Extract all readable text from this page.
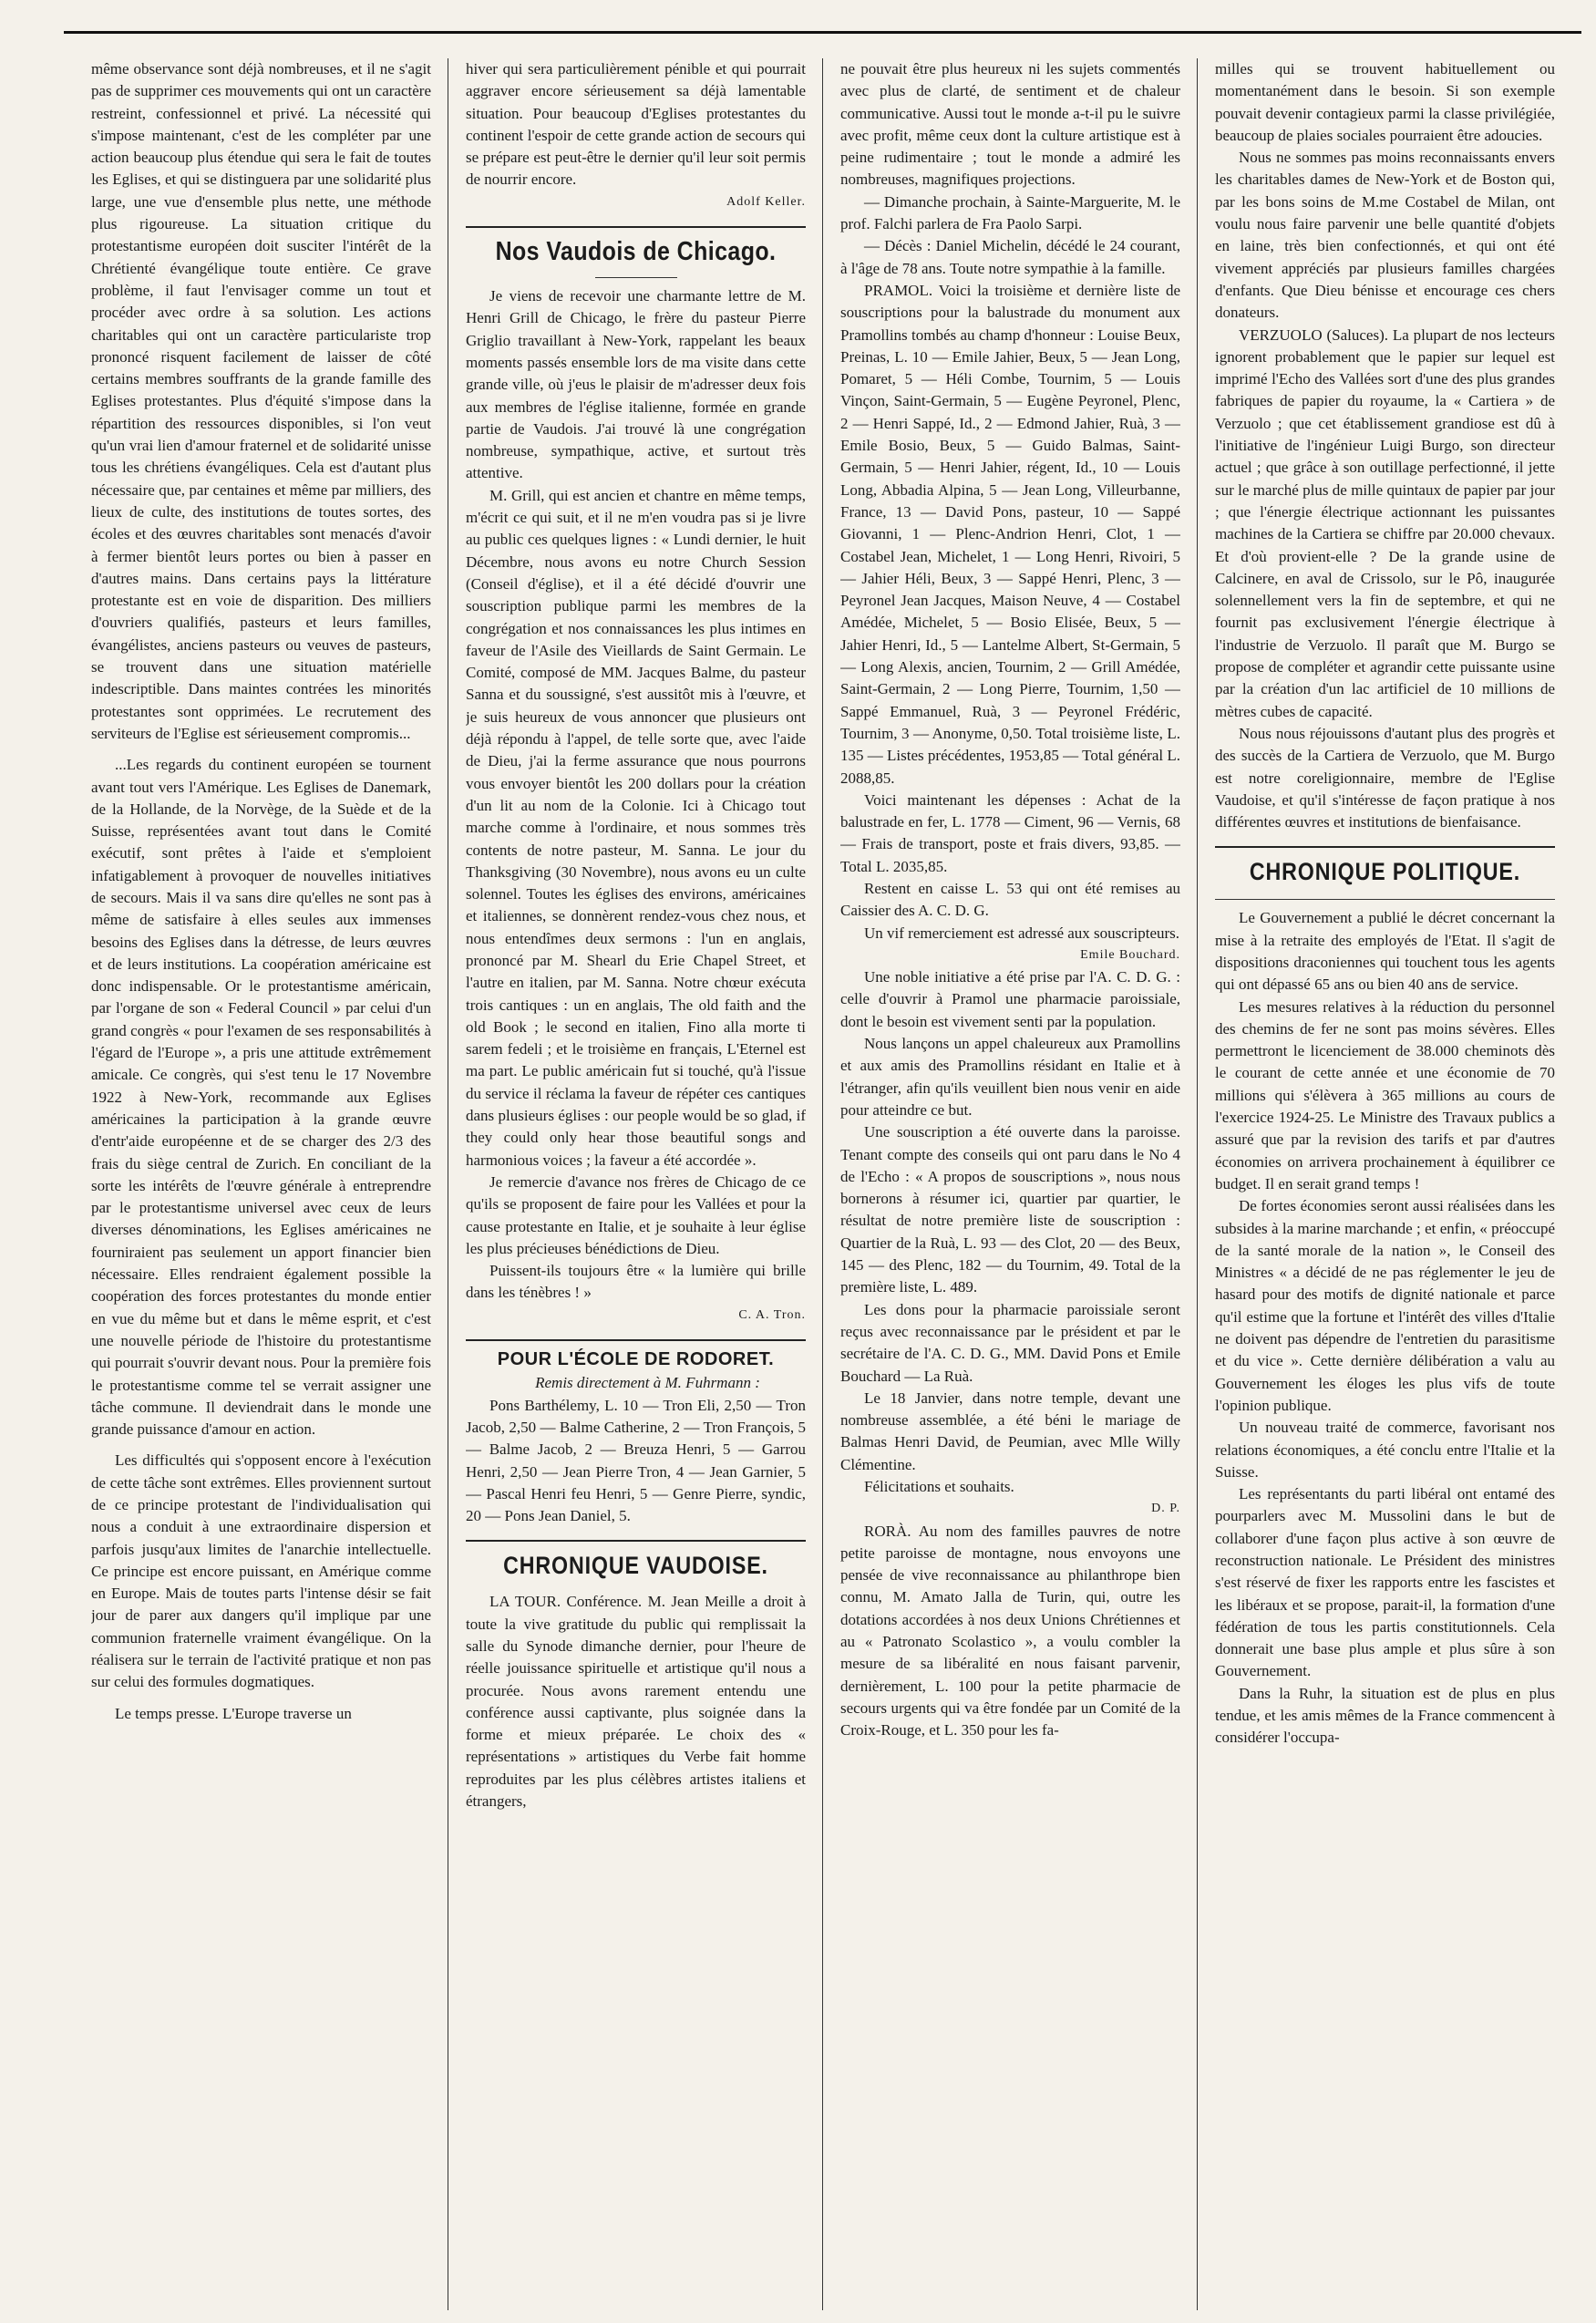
même observance sont déjà nombreuses, et il ne s'agit pas de supprimer ces mouvements qui ont un caractère restreint, confessionnel et privé. La nécessité qui s'impose maintenant, c'est de les compléter par une action beaucoup plus étendue qui sera le fait de toutes les Eglises, et qui se distinguera par une solidarité plus large, une vue d'ensemble plus nette, une méthode plus rigoureuse. La situation critique du protestantisme européen doit susciter l'intérêt de la Chrétienté évangélique toute entière. Ce grave problème, il faut l'envisager comme un tout et procéder avec ordre à sa solution. Les actions charitables qui ont un caractère particulariste trop prononcé risquent facilement de laisser de côté certains membres souffrants de la grande famille des Eglises protestantes. Plus d'équité s'impose dans la répartition des ressources disponibles, si l'on veut qu'un vrai lien d'amour fraternel et de solidarité unisse tous les chrétiens évangéliques. Cela est d'autant plus nécessaire que, par centaines et même par milliers, des lieux de culte, des institutions de toutes sortes, des écoles et des œuvres charitables sont menacés d'avoir à fermer bientôt leurs portes ou bien à passer en d'autres mains. Dans certains pays la littérature protestante est en voie de disparition. Des milliers d'ouvriers qualifiés, pasteurs et leurs familles, évangélistes, anciens pasteurs ou veuves de pasteurs, se trouvent dans une situation matérielle indescriptible. Dans maintes contrées les minorités protestantes sont opprimées. Le recrutement des serviteurs de l'Eglise est sérieusement compromis...

...Les regards du continent européen se tournent avant tout vers l'Amérique. Les Eglises de Danemark, de la Hollande, de la Norvège, de la Suède et de la Suisse, représentées avant tout dans le Comité exécutif, sont prêtes à l'aide et s'emploient infatigablement à provoquer de nouvelles initiatives de secours. Mais il va sans dire qu'elles ne sont pas à même de satisfaire à elles seules aux immenses besoins des Eglises dans la détresse, de leurs œuvres et de leurs institutions. La coopération américaine est donc indispensable. Or le protestantisme américain, par l'organe de son « Federal Council » par celui d'un grand congrès « pour l'examen de ses responsabilités à l'égard de l'Europe », a pris une attitude extrêmement amicale. Ce congrès, qui s'est tenu le 17 Novembre 1922 à New-York, recommande aux Eglises américaines la participation à la grande œuvre d'entr'aide européenne et de se charger des 2/3 des frais du siège central de Zurich. En conciliant de la sorte les intérêts de l'œuvre générale à entreprendre par le protestantisme universel avec ceux de leurs diverses dénominations, les Eglises américaines ne fourniraient pas seulement un apport financier bien nécessaire. Elles rendraient également possible la coopération des forces protestantes du monde entier en vue du même but et dans le même esprit, et c'est une nouvelle période de l'histoire du protestantisme qui pourrait s'ouvrir devant nous. Pour la première fois le protestantisme comme tel se verrait assigner une tâche commune. Il deviendrait dans le monde une grande puissance d'amour en action.

Les difficultés qui s'opposent encore à l'exécution de cette tâche sont extrêmes. Elles proviennent surtout de ce principe protestant de l'individualisation qui nous a conduit à une extraordinaire dispersion et parfois jusqu'aux limites de l'anarchie intellectuelle. Ce principe est encore puissant, en Amérique comme en Europe. Mais de toutes parts l'intense désir se fait jour de parer aux dangers qu'il implique par une communion fraternelle vraiment évangélique. On la réalisera sur le terrain de l'activité pratique et non pas sur celui des formules dogmatiques.

Le temps presse. L'Europe traverse un

hiver qui sera particulièrement pénible et qui pourrait aggraver encore sérieusement sa déjà lamentable situation. Pour beaucoup d'Eglises protestantes du continent l'espoir de cette grande action de secours qui se prépare est peut-être le dernier qu'il leur soit permis de nourrir encore.

Adolf Keller.

Nos Vaudois de Chicago.

Je viens de recevoir une charmante lettre de M. Henri Grill de Chicago, le frère du pasteur Pierre Griglio travaillant à New-York, rappelant les beaux moments passés ensemble lors de ma visite dans cette grande ville, où j'eus le plaisir de m'adresser deux fois aux membres de l'église italienne, formée en grande partie de Vaudois. J'ai trouvé là une congrégation nombreuse, sympathique, active, et surtout très attentive.

M. Grill, qui est ancien et chantre en même temps, m'écrit ce qui suit, et il ne m'en voudra pas si je livre au public ces quelques lignes : « Lundi dernier, le huit Décembre, nous avons eu notre Church Session (Conseil d'église), et il a été décidé d'ouvrir une souscription publique parmi les membres de la congrégation et nos connaissances les plus intimes en faveur de l'Asile des Vieillards de Saint Germain. Le Comité, composé de MM. Jacques Balme, du pasteur Sanna et du soussigné, s'est aussitôt mis à l'œuvre, et je suis heureux de vous annoncer que plusieurs ont déjà répondu à l'appel, de telle sorte que, avec l'aide de Dieu, j'ai la ferme assurance que nous pourrons vous envoyer bientôt les 200 dollars pour la création d'un lit au nom de la Colonie. Ici à Chicago tout marche comme à l'ordinaire, et nous sommes très contents de notre pasteur, M. Sanna. Le jour du Thanksgiving (30 Novembre), nous avons eu un culte solennel. Toutes les églises des environs, américaines et italiennes, se donnèrent rendez-vous chez nous, et nous entendîmes deux sermons : l'un en anglais, prononcé par M. Shearl du Erie Chapel Street, et l'autre en italien, par M. Sanna. Notre chœur exécuta trois cantiques : un en anglais, The old faith and the old Book ; le second en italien, Fino alla morte ti sarem fedeli ; et le troisième en français, L'Eternel est ma part. Le public américain fut si touché, qu'à l'issue du service il réclama la faveur de répéter ces cantiques dans plusieurs églises : our people would be so glad, if they could only hear those beautiful songs and harmonious voices ; la faveur a été accordée ».

Je remercie d'avance nos frères de Chicago de ce qu'ils se proposent de faire pour les Vallées et pour la cause protestante en Italie, et je souhaite à leur église les plus précieuses bénédictions de Dieu.

Puissent-ils toujours être « la lumière qui brille dans les ténèbres ! »

C. A. Tron.

POUR L'ÉCOLE DE RODORET.

Remis directement à M. Fuhrmann :

Pons Barthélemy, L. 10 — Tron Eli, 2,50 — Tron Jacob, 2,50 — Balme Catherine, 2 — Tron François, 5 — Balme Jacob, 2 — Breuza Henri, 5 — Garrou Henri, 2,50 — Jean Pierre Tron, 4 — Jean Garnier, 5 — Pascal Henri feu Henri, 5 — Genre Pierre, syndic, 20 — Pons Jean Daniel, 5.

CHRONIQUE VAUDOISE.

LA TOUR. Conférence. M. Jean Meille a droit à toute la vive gratitude du public qui remplissait la salle du Synode dimanche dernier, pour l'heure de réelle jouissance spirituelle et artistique qu'il nous a procurée. Nous avons rarement entendu une conférence aussi captivante, plus soignée dans la forme et mieux préparée. Le choix des « représentations » artistiques du Verbe fait homme reproduites par les plus célèbres artistes italiens et étrangers,

ne pouvait être plus heureux ni les sujets commentés avec plus de clarté, de sentiment et de chaleur communicative. Aussi tout le monde a-t-il pu le suivre avec profit, même ceux dont la culture artistique est à peine rudimentaire ; tout le monde a admiré les nombreuses, magnifiques projections.

— Dimanche prochain, à Sainte-Marguerite, M. le prof. Falchi parlera de Fra Paolo Sarpi.

— Décès : Daniel Michelin, décédé le 24 courant, à l'âge de 78 ans. Toute notre sympathie à la famille.

PRAMOL. Voici la troisième et dernière liste de souscriptions pour la balustrade du monument aux Pramollins tombés au champ d'honneur : Louise Beux, Preinas, L. 10 — Emile Jahier, Beux, 5 — Jean Long, Pomaret, 5 — Héli Combe, Tournim, 5 — Louis Vinçon, Saint-Germain, 5 — Eugène Peyronel, Plenc, 2 — Henri Sappé, Id., 2 — Edmond Jahier, Ruà, 3 — Emile Bosio, Beux, 5 — Guido Balmas, Saint-Germain, 5 — Henri Jahier, régent, Id., 10 — Louis Long, Abbadia Alpina, 5 — Jean Long, Villeurbanne, France, 13 — David Pons, pasteur, 10 — Sappé Giovanni, 1 — Plenc-Andrion Henri, Clot, 1 — Costabel Jean, Michelet, 1 — Long Henri, Rivoiri, 5 — Jahier Héli, Beux, 3 — Sappé Henri, Plenc, 3 — Peyronel Jean Jacques, Maison Neuve, 4 — Costabel Amédée, Michelet, 5 — Bosio Elisée, Beux, 5 — Jahier Henri, Id., 5 — Lantelme Albert, St-Germain, 5 — Long Alexis, ancien, Tournim, 2 — Grill Amédée, Saint-Germain, 2 — Long Pierre, Tournim, 1,50 — Sappé Emmanuel, Ruà, 3 — Peyronel Frédéric, Tournim, 3 — Anonyme, 0,50. Total troisième liste, L. 135 — Listes précédentes, 1953,85 — Total général L. 2088,85.

Voici maintenant les dépenses : Achat de la balustrade en fer, L. 1778 — Ciment, 96 — Vernis, 68 — Frais de transport, poste et frais divers, 93,85. — Total L. 2035,85.

Restent en caisse L. 53 qui ont été remises au Caissier des A. C. D. G.

Un vif remerciement est adressé aux souscripteurs.

Emile Bouchard.

Une noble initiative a été prise par l'A. C. D. G. : celle d'ouvrir à Pramol une pharmacie paroissiale, dont le besoin est vivement senti par la population.

Nous lançons un appel chaleureux aux Pramollins et aux amis des Pramollins résidant en Italie et à l'étranger, afin qu'ils veuillent bien nous venir en aide pour atteindre ce but.

Une souscription a été ouverte dans la paroisse. Tenant compte des conseils qui ont paru dans le No 4 de l'Echo : « A propos de souscriptions », nous nous bornerons à résumer ici, quartier par quartier, le résultat de notre première liste de souscription : Quartier de la Ruà, L. 93 — des Clot, 20 — des Beux, 145 — des Plenc, 182 — du Tournim, 49. Total de la première liste, L. 489.

Les dons pour la pharmacie paroissiale seront reçus avec reconnaissance par le président et par le secrétaire de l'A. C. D. G., MM. David Pons et Emile Bouchard — La Ruà.

Le 18 Janvier, dans notre temple, devant une nombreuse assemblée, a été béni le mariage de Balmas Henri David, de Peumian, avec Mlle Willy Clémentine.

Félicitations et souhaits.

D. P.

RORÀ. Au nom des familles pauvres de notre petite paroisse de montagne, nous envoyons une pensée de vive reconnaissance au philanthrope bien connu, M. Amato Jalla de Turin, qui, outre les dotations accordées à nos deux Unions Chrétiennes et au « Patronato Scolastico », a voulu combler la mesure de sa libéralité en nous faisant parvenir, dernièrement, L. 100 pour la petite pharmacie de secours urgents qui va être fondée par un Comité de la Croix-Rouge, et L. 350 pour les fa-

milles qui se trouvent habituellement ou momentanément dans le besoin. Si son exemple pouvait devenir contagieux parmi la classe privilégiée, beaucoup de plaies sociales pourraient être adoucies.

Nous ne sommes pas moins reconnaissants envers les charitables dames de New-York et de Boston qui, par les bons soins de M.me Costabel de Milan, ont voulu nous faire parvenir une belle quantité d'objets en laine, très bien confectionnés, et qui ont été vivement appréciés par plusieurs familles chargées d'enfants. Que Dieu bénisse et encourage ces chers donateurs.

VERZUOLO (Saluces). La plupart de nos lecteurs ignorent probablement que le papier sur lequel est imprimé l'Echo des Vallées sort d'une des plus grandes fabriques de papier du royaume, la « Cartiera » de Verzuolo ; que cet établissement grandiose est dû à l'initiative de l'ingénieur Luigi Burgo, son directeur actuel ; que grâce à son outillage perfectionné, il jette sur le marché plus de mille quintaux de papier par jour ; que l'énergie électrique actionnant les puissantes machines de la Cartiera se chiffre par 20.000 chevaux. Et d'où provient-elle ? De la grande usine de Calcinere, en aval de Crissolo, sur le Pô, inaugurée solennellement vers la fin de septembre, et qui ne fournit pas exclusivement l'énergie électrique à l'industrie de Verzuolo. Il paraît que M. Burgo se propose de compléter et agrandir cette puissante usine par la création d'un lac artificiel de 10 millions de mètres cubes de capacité.

Nous nous réjouissons d'autant plus des progrès et des succès de la Cartiera de Verzuolo, que M. Burgo est notre coreligionnaire, membre de l'Eglise Vaudoise, et qu'il s'intéresse de façon pratique à nos différentes œuvres et institutions de bienfaisance.

CHRONIQUE POLITIQUE.

Le Gouvernement a publié le décret concernant la mise à la retraite des employés de l'Etat. Il s'agit de dispositions draconiennes qui touchent tous les agents qui ont dépassé 65 ans ou bien 40 ans de service.

Les mesures relatives à la réduction du personnel des chemins de fer ne sont pas moins sévères. Elles permettront le licenciement de 38.000 cheminots dès le courant de cette année et une économie de 70 millions qui s'élèvera à 365 millions au cours de l'exercice 1924-25. Le Ministre des Travaux publics a assuré que par la revision des tarifs et par d'autres économies on arrivera prochainement à équilibrer ce budget. Il en serait grand temps !

De fortes économies seront aussi réalisées dans les subsides à la marine marchande ; et enfin, « préoccupé de la santé morale de la nation », le Conseil des Ministres « a décidé de ne pas réglementer le jeu de hasard pour des motifs de dignité nationale et parce qu'il estime que la fortune et l'intérêt des villes d'Italie ne doivent pas dépendre de l'entretien du parasitisme et du vice ». Cette dernière délibération a valu au Gouvernement les éloges les plus vifs de toute l'opinion publique.

Un nouveau traité de commerce, favorisant nos relations économiques, a été conclu entre l'Italie et la Suisse.

Les représentants du parti libéral ont entamé des pourparlers avec M. Mussolini dans le but de collaborer d'une façon plus active à son œuvre de reconstruction nationale. Le Président des ministres s'est réservé de fixer les rapports entre les fascistes et les libéraux et se propose, parait-il, la formation d'une fédération de tous les partis constitutionnels. Cela donnerait une base plus ample et plus sûre à son Gouvernement.

Dans la Ruhr, la situation est de plus en plus tendue, et les amis mêmes de la France commencent à considérer l'occupa-
